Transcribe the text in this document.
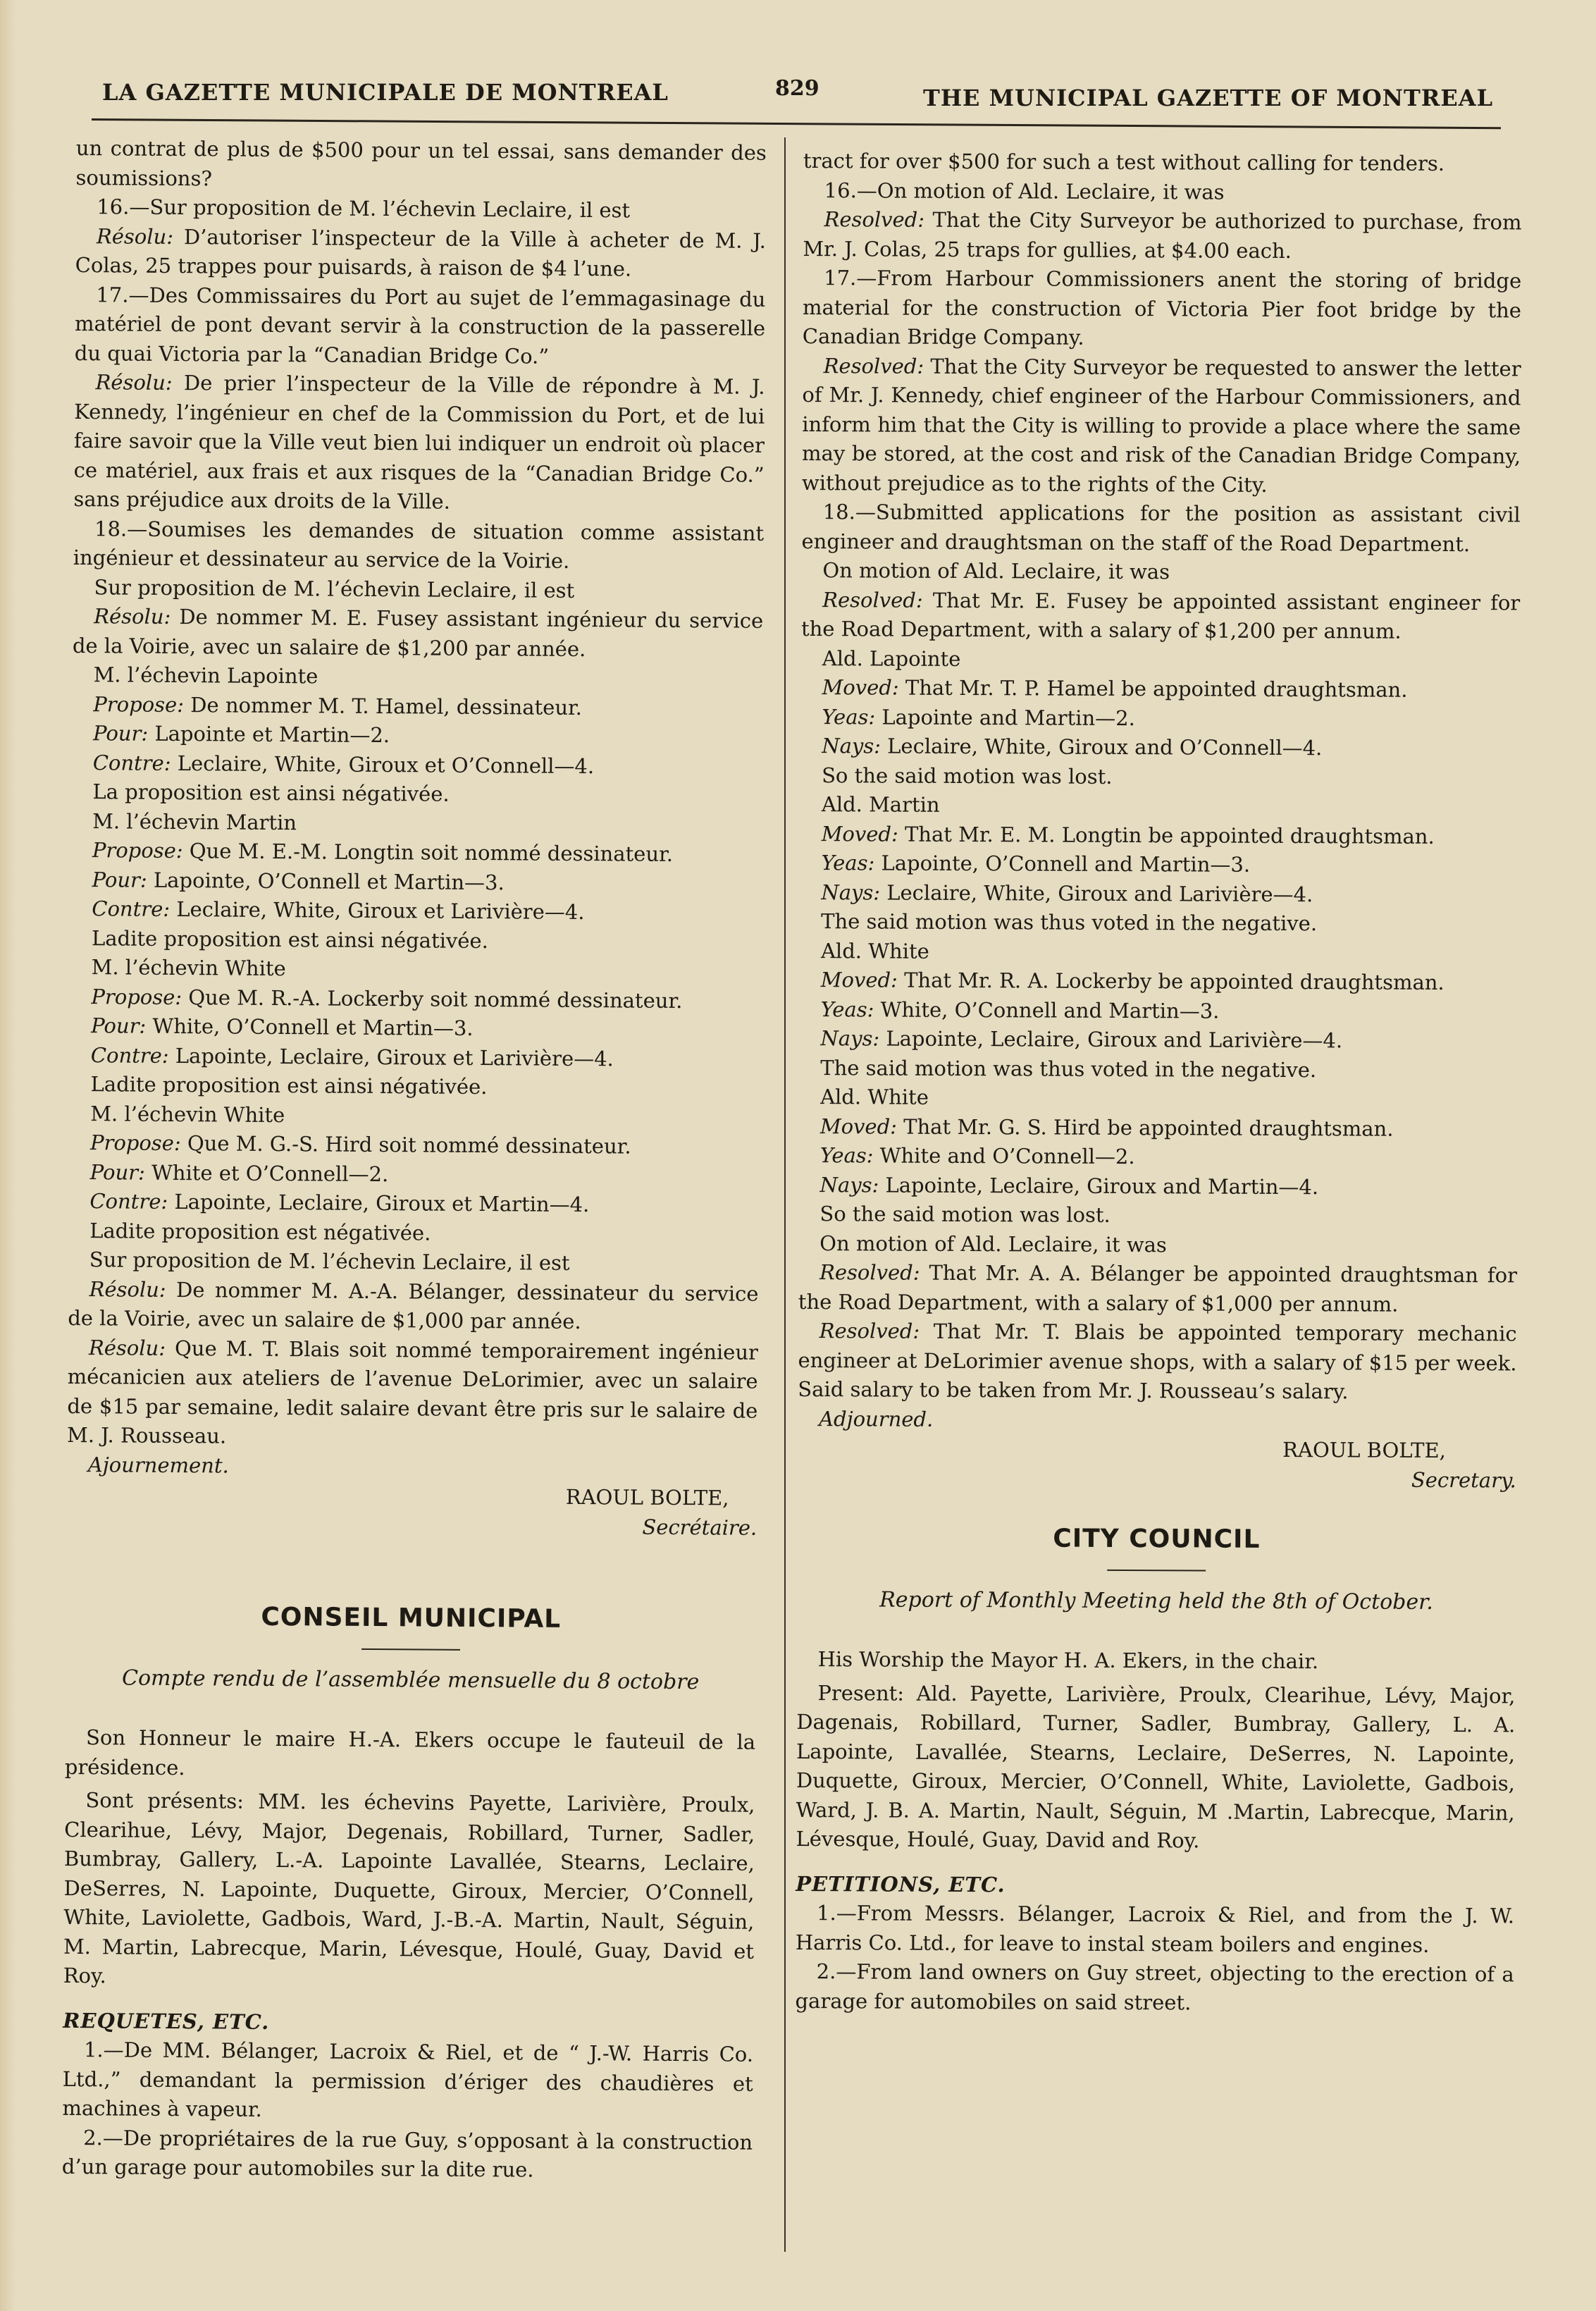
LA GAZETTE MUNICIPALE DE MONTREAL	829	THE MUNICIPAL GAZETTE OF MONTREAL

un contrat de plus de $500 pour un tel essai, sans demander des soumissions?

16.—Sur proposition de M. l’échevin Leclaire, il est

Résolu: D’autoriser l’inspecteur de la Ville à acheter de M. J. Colas, 25 trappes pour puisards, à raison de $4 l’une.

17.—Des Commissaires du Port au sujet de l’emmagasinage du matériel de pont devant servir à la construction de la passerelle du quai Victoria par la “Canadian Bridge Co.”

Résolu: De prier l’inspecteur de la Ville de répondre à M. J. Kennedy, l’ingénieur en chef de la Commission du Port, et de lui faire savoir que la Ville veut bien lui indiquer un endroit où placer ce matériel, aux frais et aux risques de la “Canadian Bridge Co.” sans préjudice aux droits de la Ville.

18.—Soumises les demandes de situation comme assistant ingénieur et dessinateur au service de la Voirie.

Sur proposition de M. l’échevin Leclaire, il est

Résolu: De nommer M. E. Fusey assistant ingénieur du service de la Voirie, avec un salaire de $1,200 par année.

M. l’échevin Lapointe

Propose: De nommer M. T. Hamel, dessinateur.

Pour: Lapointe et Martin—2.

Contre: Leclaire, White, Giroux et O’Connell—4.

La proposition est ainsi négativée.

M. l’échevin Martin

Propose: Que M. E.-M. Longtin soit nommé dessinateur.

Pour: Lapointe, O’Connell et Martin—3.

Contre: Leclaire, White, Giroux et Larivière—4.

Ladite proposition est ainsi négativée.

M. l’échevin White

Propose: Que M. R.-A. Lockerby soit nommé dessinateur.

Pour: White, O’Connell et Martin—3.

Contre: Lapointe, Leclaire, Giroux et Larivière—4.

Ladite proposition est ainsi négativée.

M. l’échevin White

Propose: Que M. G.-S. Hird soit nommé dessinateur.

Pour: White et O’Connell—2.

Contre: Lapointe, Leclaire, Giroux et Martin—4.

Ladite proposition est négativée.

Sur proposition de M. l’échevin Leclaire, il est

Résolu: De nommer M. A.-A. Bélanger, dessinateur du service de la Voirie, avec un salaire de $1,000 par année.

Résolu: Que M. T. Blais soit nommé temporairement ingénieur mécanicien aux ateliers de l’avenue DeLorimier, avec un salaire de $15 par semaine, ledit salaire devant être pris sur le salaire de M. J. Rousseau.

Ajournement.

RAOUL BOLTE,

Secrétaire.

CONSEIL MUNICIPAL
Compte rendu de l’assemblée mensuelle du 8 octobre

Son Honneur le maire H.-A. Ekers occupe le fauteuil de la présidence.

Sont présents: MM. les échevins Payette, Larivière, Proulx, Clearihue, Lévy, Major, Degenais, Robillard, Turner, Sadler, Bumbray, Gallery, L.-A. Lapointe Lavallée, Stearns, Leclaire, DeSerres, N. Lapointe, Duquette, Giroux, Mercier, O’Connell, White, Laviolette, Gadbois, Ward, J.-B.-A. Martin, Nault, Séguin, M. Martin, Labrecque, Marin, Lévesque, Houlé, Guay, David et Roy.

REQUETES, ETC.

1.—De MM. Bélanger, Lacroix & Riel, et de “ J.-W. Harris Co. Ltd.,” demandant la permission d’ériger des chaudières et machines à vapeur.

2.—De propriétaires de la rue Guy, s’opposant à la construction d’un garage pour automobiles sur la dite rue.

tract for over $500 for such a test without calling for tenders.

16.—On motion of Ald. Leclaire, it was

Resolved: That the City Surveyor be authorized to purchase, from Mr. J. Colas, 25 traps for gullies, at $4.00 each.

17.—From Harbour Commissioners anent the storing of bridge material for the construction of Victoria Pier foot bridge by the Canadian Bridge Company.

Resolved: That the City Surveyor be requested to answer the letter of Mr. J. Kennedy, chief engineer of the Harbour Commissioners, and inform him that the City is willing to provide a place where the same may be stored, at the cost and risk of the Canadian Bridge Company, without prejudice as to the rights of the City.

18.—Submitted applications for the position as assistant civil engineer and draughtsman on the staff of the Road Department.

On motion of Ald. Leclaire, it was

Resolved: That Mr. E. Fusey be appointed assistant engineer for the Road Department, with a salary of $1,200 per annum.

Ald. Lapointe

Moved: That Mr. T. P. Hamel be appointed draughtsman.

Yeas: Lapointe and Martin—2.

Nays: Leclaire, White, Giroux and O’Connell—4.

So the said motion was lost.

Ald. Martin

Moved: That Mr. E. M. Longtin be appointed draughtsman.

Yeas: Lapointe, O’Connell and Martin—3.

Nays: Leclaire, White, Giroux and Larivière—4.

The said motion was thus voted in the negative.

Ald. White

Moved: That Mr. R. A. Lockerby be appointed draughtsman.

Yeas: White, O’Connell and Martin—3.

Nays: Lapointe, Leclaire, Giroux and Larivière—4.

The said motion was thus voted in the negative.

Ald. White

Moved: That Mr. G. S. Hird be appointed draughtsman.

Yeas: White and O’Connell—2.

Nays: Lapointe, Leclaire, Giroux and Martin—4.

So the said motion was lost.

On motion of Ald. Leclaire, it was

Resolved: That Mr. A. A. Bélanger be appointed draughtsman for the Road Department, with a salary of $1,000 per annum.

Resolved: That Mr. T. Blais be appointed temporary mechanic engineer at DeLorimier avenue shops, with a salary of $15 per week. Said salary to be taken from Mr. J. Rousseau’s salary.

Adjourned.

RAOUL BOLTE,

Secretary.

CITY COUNCIL
Report of Monthly Meeting held the 8th of October.

His Worship the Mayor H. A. Ekers, in the chair.

Present: Ald. Payette, Larivière, Proulx, Clearihue, Lévy, Major, Dagenais, Robillard, Turner, Sadler, Bumbray, Gallery, L. A. Lapointe, Lavallée, Stearns, Leclaire, DeSerres, N. Lapointe, Duquette, Giroux, Mercier, O’Connell, White, Laviolette, Gadbois, Ward, J. B. A. Martin, Nault, Séguin, M .Martin, Labrecque, Marin, Lévesque, Houlé, Guay, David and Roy.

PETITIONS, ETC.

1.—From Messrs. Bélanger, Lacroix & Riel, and from the J. W. Harris Co. Ltd., for leave to instal steam boilers and engines.

2.—From land owners on Guy street, objecting to the erection of a garage for automobiles on said street.
